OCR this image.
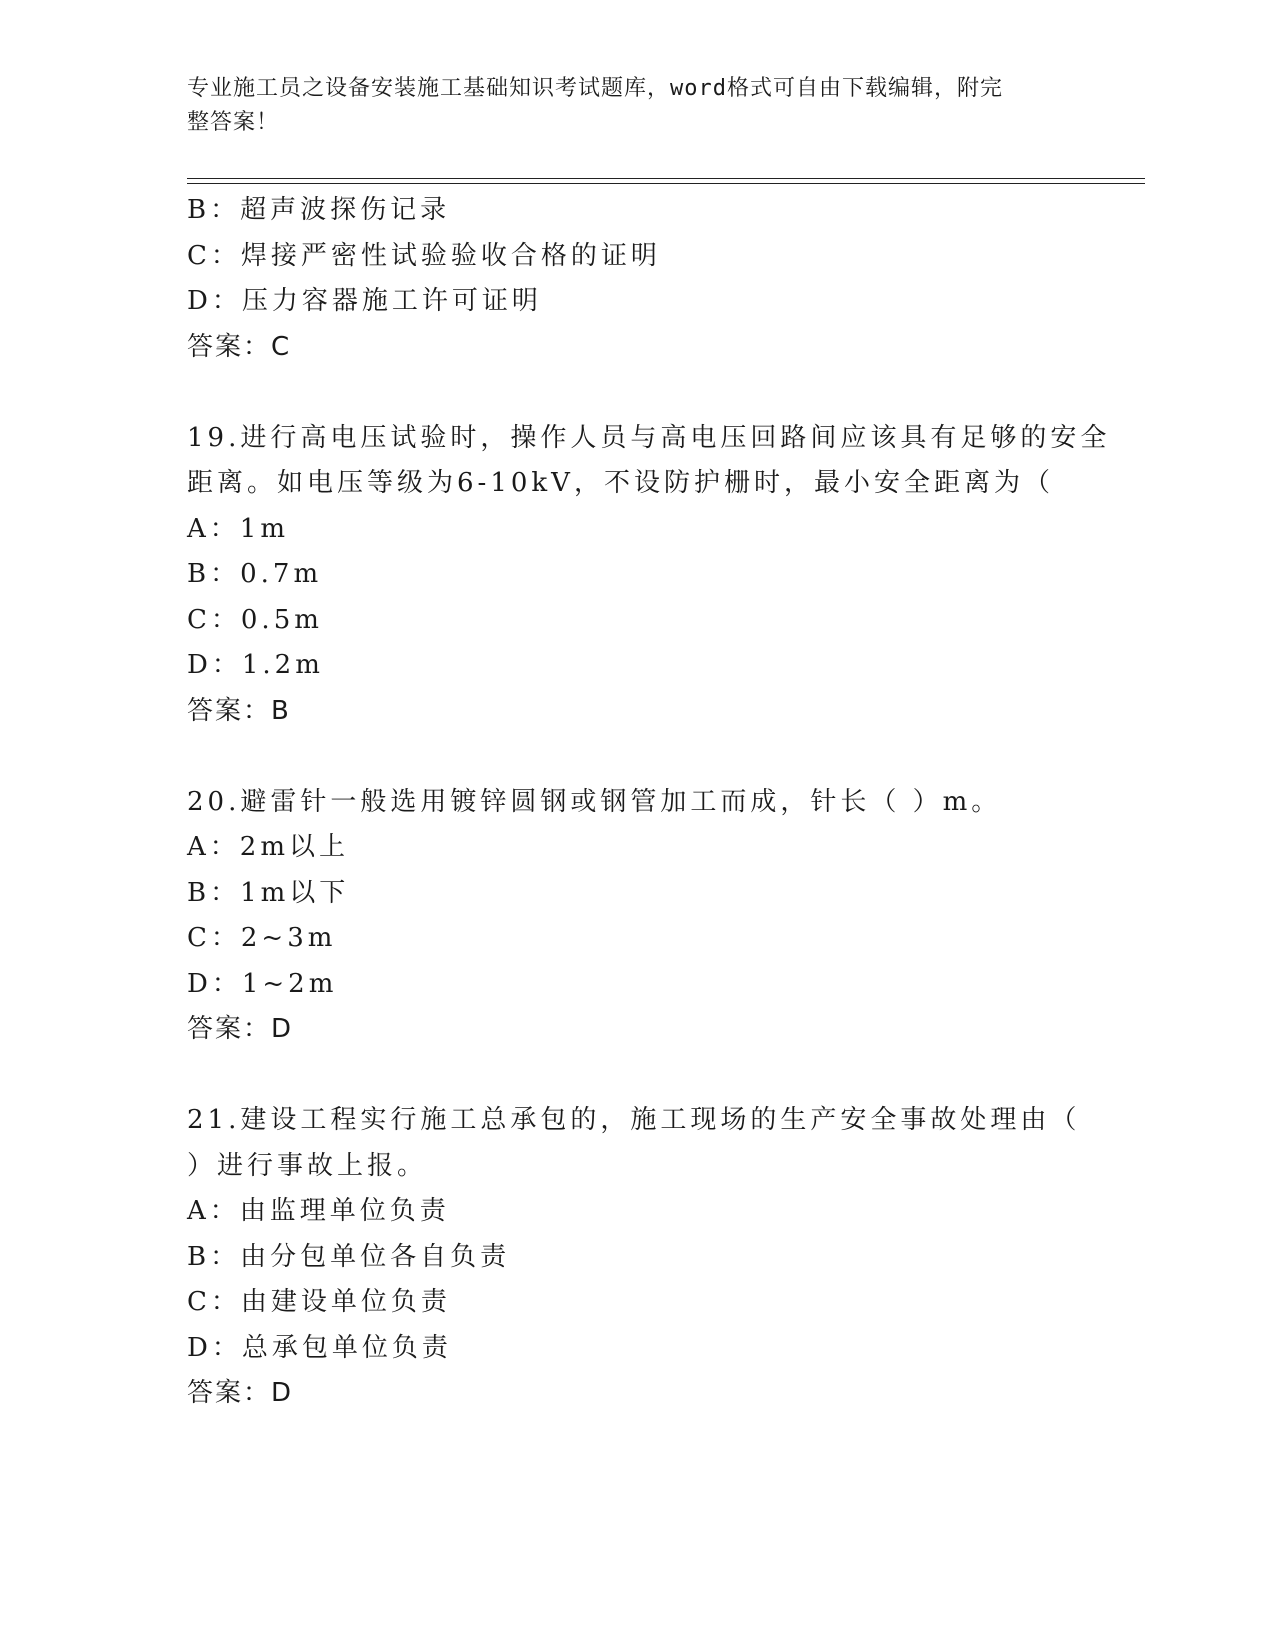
专业施工员之设备安装施工基础知识考试题库，word格式可自由下载编辑，附完
整答案！
B：超声波探伤记录
C：焊接严密性试验验收合格的证明
D：压力容器施工许可证明
答案：C
19.进行高电压试验时，操作人员与高电压回路间应该具有足够的安全
距离。如电压等级为6-10kV，不设防护栅时，最小安全距离为（
A：1m
B：0.7m
C：0.5m
D：1.2m
答案：B
20.避雷针一般选用镀锌圆钢或钢管加工而成，针长（ ）m。
A：2m以上
B：1m以下
C：2~3m
D：1~2m
答案：D
21.建设工程实行施工总承包的，施工现场的生产安全事故处理由（
）进行事故上报。
A：由监理单位负责
B：由分包单位各自负责
C：由建设单位负责
D：总承包单位负责
答案：D
